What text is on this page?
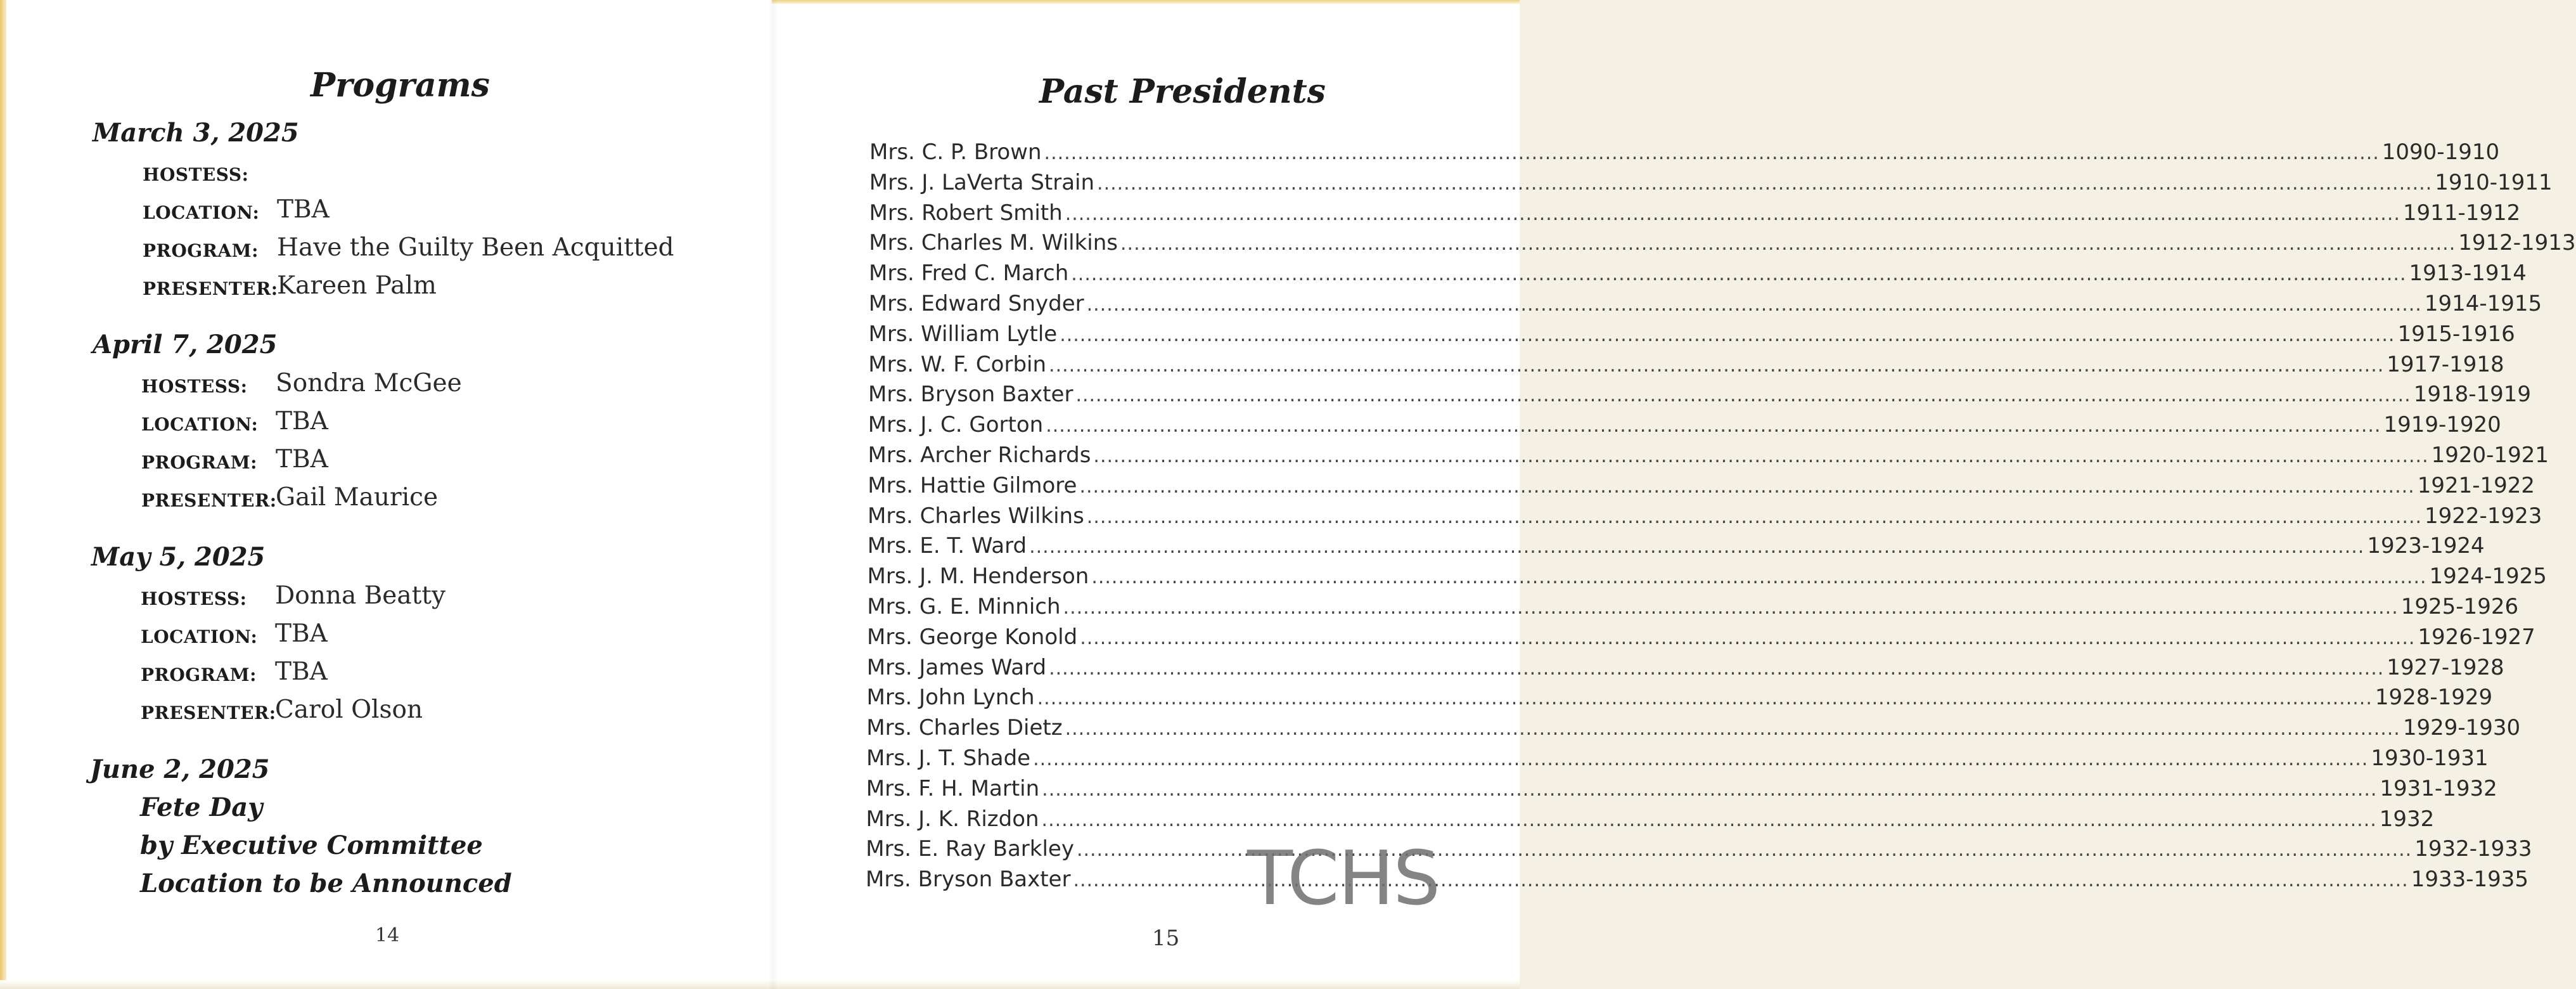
Programs
March 3, 2025
HOSTESS:
LOCATION: TBA
PROGRAM: Have the Guilty Been Acquitted
PRESENTER:
Kareen Palm
April 7, 2025
HOSTESS: Sondra McGee
LOCATION: TBA
PROGRAM: TBA
PRESENTER:
Gail Maurice
May 5, 2025
HOSTESS: Donna Beatty
LOCATION: TBA
PROGRAM: TBA
PRESENTER:
Carol Olson
June 2, 2025

Fete Day

by Executive Committee

Location to be Announced

14
Past Presidents
Mrs. C. P. Brown ........................................................................................................................................................................................................ 1090-1910
Mrs. J. LaVerta Strain ........................................................................................................................................................................................................ 1910-1911
Mrs. Robert Smith ........................................................................................................................................................................................................ 1911-1912
Mrs. Charles M. Wilkins ........................................................................................................................................................................................................ 1912-1913
Mrs. Fred C. March ........................................................................................................................................................................................................ 1913-1914
Mrs. Edward Snyder ........................................................................................................................................................................................................ 1914-1915
Mrs. William Lytle ........................................................................................................................................................................................................ 1915-1916
Mrs. W. F. Corbin ........................................................................................................................................................................................................ 1917-1918
Mrs. Bryson Baxter ........................................................................................................................................................................................................ 1918-1919
Mrs. J. C. Gorton ........................................................................................................................................................................................................ 1919-1920
Mrs. Archer Richards ........................................................................................................................................................................................................ 1920-1921
Mrs. Hattie Gilmore ........................................................................................................................................................................................................ 1921-1922
Mrs. Charles Wilkins ........................................................................................................................................................................................................ 1922-1923
Mrs. E. T. Ward ........................................................................................................................................................................................................ 1923-1924
Mrs. J. M. Henderson ........................................................................................................................................................................................................ 1924-1925
Mrs. G. E. Minnich ........................................................................................................................................................................................................ 1925-1926
Mrs. George Konold ........................................................................................................................................................................................................ 1926-1927
Mrs. James Ward ........................................................................................................................................................................................................ 1927-1928
Mrs. John Lynch ........................................................................................................................................................................................................ 1928-1929
Mrs. Charles Dietz ........................................................................................................................................................................................................ 1929-1930
Mrs. J. T. Shade ........................................................................................................................................................................................................ 1930-1931
Mrs. F. H. Martin ........................................................................................................................................................................................................ 1931-1932
Mrs. J. K. Rizdon ........................................................................................................................................................................................................ 1932
Mrs. E. Ray Barkley ........................................................................................................................................................................................................ 1932-1933
Mrs. Bryson Baxter ........................................................................................................................................................................................................ 1933-1935
TCHS
15
